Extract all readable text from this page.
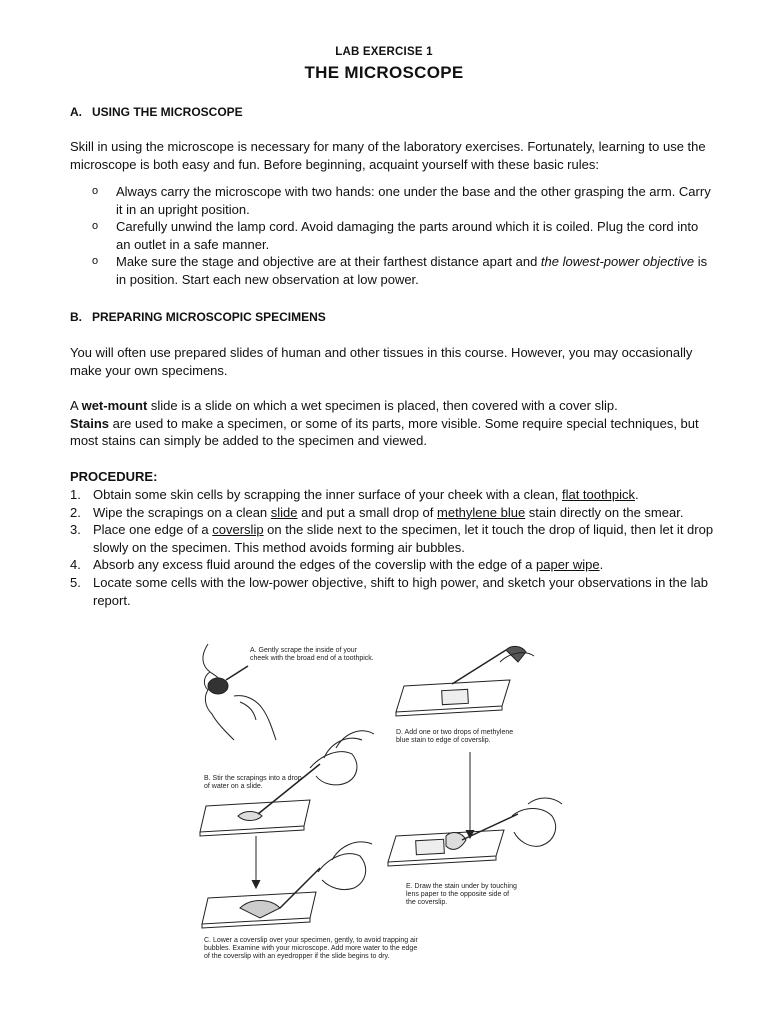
LAB EXERCISE 1
THE MICROSCOPE
A. USING THE MICROSCOPE

Skill in using the microscope is necessary for many of the laboratory exercises. Fortunately, learning to use the microscope is both easy and fun. Before beginning, acquaint yourself with these basic rules:

o Always carry the microscope with two hands: one under the base and the other grasping the arm. Carry it in an upright position.
o Carefully unwind the lamp cord. Avoid damaging the parts around which it is coiled. Plug the cord into an outlet in a safe manner.
o Make sure the stage and objective are at their farthest distance apart and the lowest-power objective is in position. Start each new observation at low power.
B. PREPARING MICROSCOPIC SPECIMENS

You will often use prepared slides of human and other tissues in this course. However, you may occasionally make your own specimens.

A wet-mount slide is a slide on which a wet specimen is placed, then covered with a cover slip.
Stains are used to make a specimen, or some of its parts, more visible. Some require special techniques, but most stains can simply be added to the specimen and viewed.

PROCEDURE:
1. Obtain some skin cells by scrapping the inner surface of your cheek with a clean, flat toothpick.
2. Wipe the scrapings on a clean slide and put a small drop of methylene blue stain directly on the smear.
3. Place one edge of a coverslip on the slide next to the specimen, let it touch the drop of liquid, then let it drop slowly on the specimen. This method avoids forming air bubbles.
4. Absorb any excess fluid around the edges of the coverslip with the edge of a paper wipe.
5. Locate some cells with the low-power objective, shift to high power, and sketch your observations in the lab report.
A. Gently scrape the inside of your
cheek with the broad end of a toothpick.
B. Stir the scrapings into a drop
of water on a slide.
C. Lower a coverslip over your specimen, gently, to avoid trapping air
bubbles. Examine with your microscope. Add more water to the edge
of the coverslip with an eyedropper if the slide begins to dry.
D. Add one or two drops of methylene
blue stain to edge of coverslip.
E. Draw the stain under by touching
lens paper to the opposite side of
the coverslip.
